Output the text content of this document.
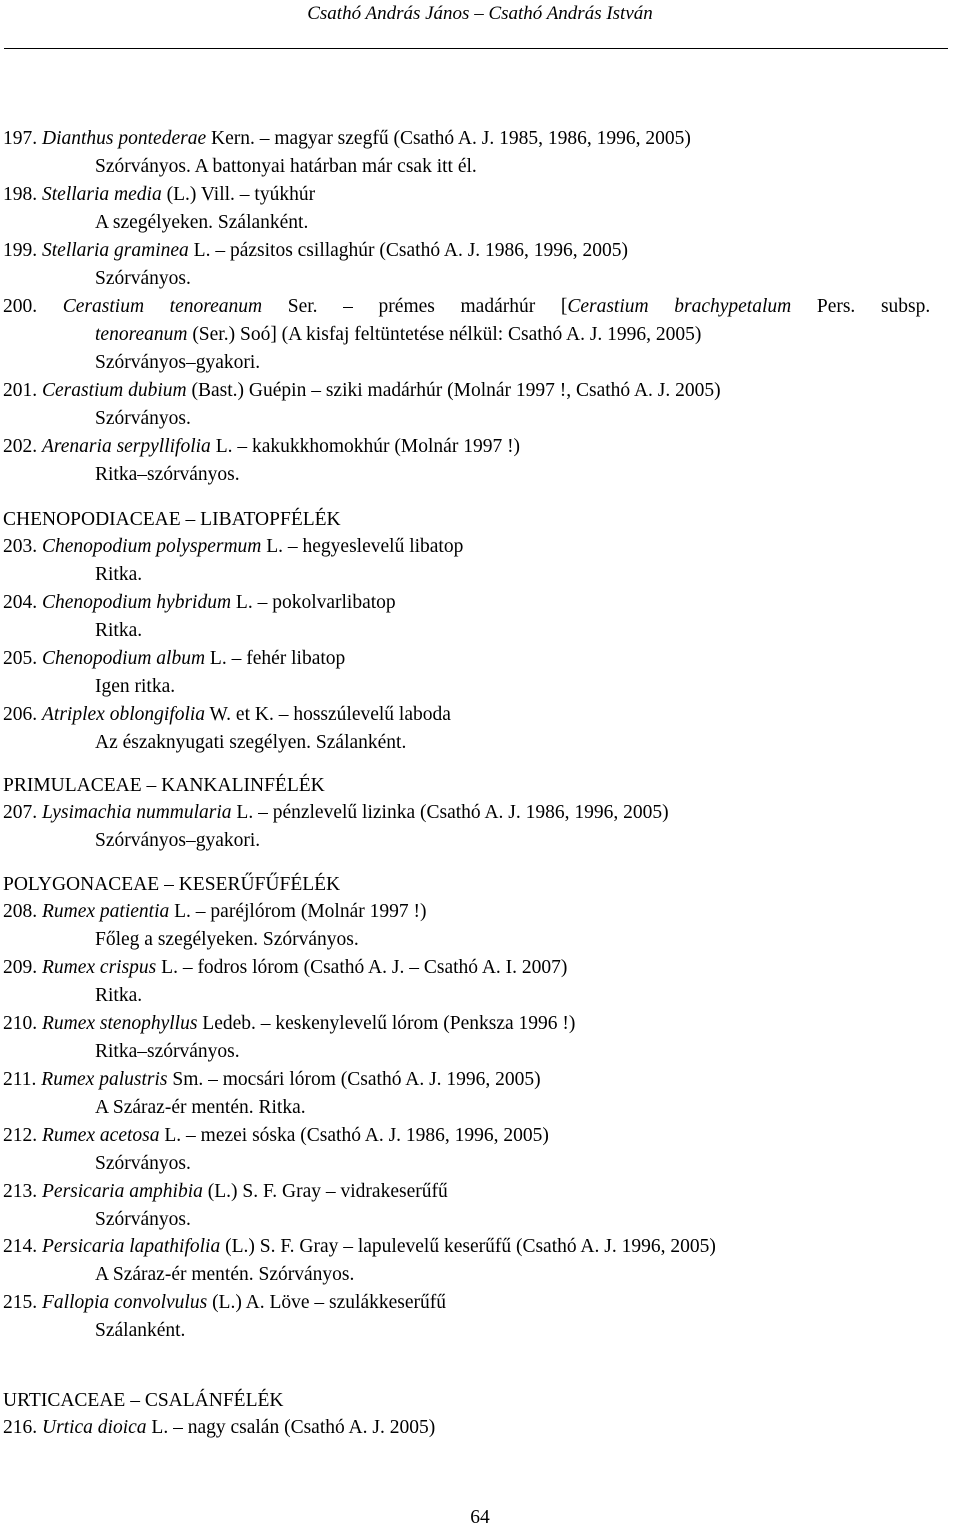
Csathó András János – Csathó András István
197. Dianthus pontederae Kern. – magyar szegfű (Csathó A. J. 1985, 1986, 1996, 2005)
Szórványos. A battonyai határban már csak itt él.
198. Stellaria media (L.) Vill. – tyúkhúr
A szegélyeken. Szálanként.
199. Stellaria graminea L. – pázsitos csillaghúr (Csathó A. J. 1986, 1996, 2005)
Szórványos.
200. Cerastium tenoreanum Ser. – prémes madárhúr [Cerastium brachypetalum Pers. subsp.
tenoreanum (Ser.) Soó] (A kisfaj feltüntetése nélkül: Csathó A. J. 1996, 2005)
Szórványos–gyakori.
201. Cerastium dubium (Bast.) Guépin – sziki madárhúr (Molnár 1997 !, Csathó A. J. 2005)
Szórványos.
202. Arenaria serpyllifolia L. – kakukkhomokhúr (Molnár 1997 !)
Ritka–szórványos.
CHENOPODIACEAE – LIBATOPFÉLÉK
203. Chenopodium polyspermum L. – hegyeslevelű libatop
Ritka.
204. Chenopodium hybridum L. – pokolvarlibatop
Ritka.
205. Chenopodium album L. – fehér libatop
Igen ritka.
206. Atriplex oblongifolia W. et K. – hosszúlevelű laboda
Az északnyugati szegélyen. Szálanként.
PRIMULACEAE – KANKALINFÉLÉK
207. Lysimachia nummularia L. – pénzlevelű lizinka (Csathó A. J. 1986, 1996, 2005)
Szórványos–gyakori.
POLYGONACEAE – KESERŰFŰFÉLÉK
208. Rumex patientia L. – paréjlórom (Molnár 1997 !)
Főleg a szegélyeken. Szórványos.
209. Rumex crispus L. – fodros lórom (Csathó A. J. – Csathó A. I. 2007)
Ritka.
210. Rumex stenophyllus Ledeb. – keskenylevelű lórom (Penksza 1996 !)
Ritka–szórványos.
211. Rumex palustris Sm. – mocsári lórom (Csathó A. J. 1996, 2005)
A Száraz-ér mentén. Ritka.
212. Rumex acetosa L. – mezei sóska (Csathó A. J. 1986, 1996, 2005)
Szórványos.
213. Persicaria amphibia (L.) S. F. Gray – vidrakeserűfű
Szórványos.
214. Persicaria lapathifolia (L.) S. F. Gray – lapulevelű keserűfű (Csathó A. J. 1996, 2005)
A Száraz-ér mentén. Szórványos.
215. Fallopia convolvulus (L.) A. Löve – szulákkeserűfű
Szálanként.
URTICACEAE – CSALÁNFÉLÉK
216. Urtica dioica L. – nagy csalán (Csathó A. J. 2005)
64
